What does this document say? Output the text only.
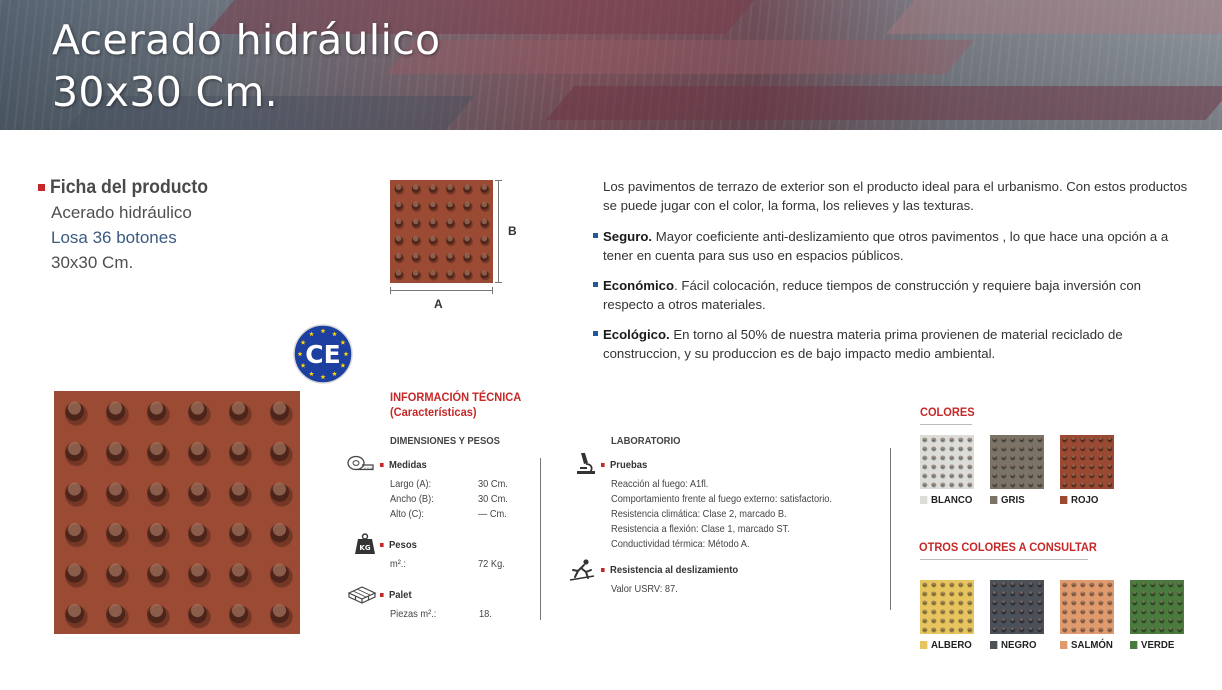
Acerado hidráulico
30x30 Cm.
Ficha del producto
Acerado hidráulico
Losa 36 botones
30x30 Cm.
B
A
Los pavimentos de terrazo de exterior son el producto ideal para el urbanismo. Con estos productos se puede jugar con el color, la forma, los relieves y las texturas.
Seguro. Mayor coeficiente anti-deslizamiento que otros pavimentos , lo que hace una opción a a tener en cuenta para sus uso en espacios públicos.
Económico. Fácil colocación, reduce tiempos de construcción y requiere baja inversión con respecto a otros materiales.
Ecológico. En torno al 50% de nuestra materia prima provienen de material reciclado de construccion, y su produccion es de bajo impacto medio ambiental.
CE
INFORMACIÓN TÉCNICA
(Características)
DIMENSIONES Y PESOS
Medidas
Largo (A):	30 Cm.
Ancho (B):	30 Cm.
Alto (C):	— Cm.
KG	Pesos
m².:	72 Kg.
Palet
Piezas m².:	18.
LABORATORIO
Pruebas
Reacción al fuego: A1fl.
Comportamiento frente al fuego externo: satisfactorio.
Resistencia climática: Clase 2, marcado B.
Resistencia a flexión: Clase 1, marcado ST.
Conductividad térmica: Método A.
Resistencia al deslizamiento
Valor USRV: 87.
COLORES
BLANCO	GRIS	ROJO
OTROS COLORES A CONSULTAR
ALBERO	NEGRO	SALMÓN	VERDE
